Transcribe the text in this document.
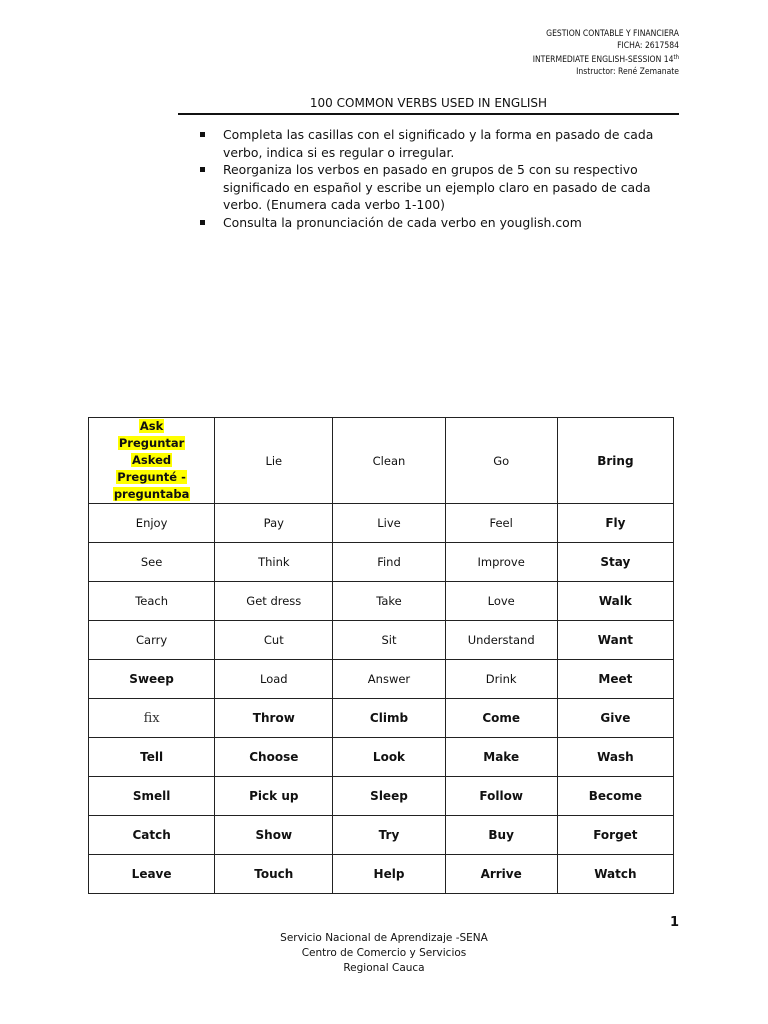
GESTION CONTABLE Y FINANCIERA
FICHA: 2617584
INTERMEDIATE ENGLISH-SESSION 14th
Instructor: René Zemanate
100 COMMON VERBS USED IN ENGLISH
Completa las casillas con el significado y la forma en pasado de cada verbo, indica si es regular o irregular.
Reorganiza los verbos en pasado en grupos de 5 con su respectivo significado en español y escribe un ejemplo claro en pasado de cada verbo. (Enumera cada verbo 1-100)
Consulta la pronunciación de cada verbo en youglish.com
Ask
Preguntar
Asked
Pregunté -
preguntaba	Lie	Clean	Go	Bring
Enjoy	Pay	Live	Feel	Fly
See	Think	Find	Improve	Stay
Teach	Get dress	Take	Love	Walk
Carry	Cut	Sit	Understand	Want
Sweep	Load	Answer	Drink	Meet
fix	Throw	Climb	Come	Give
Tell	Choose	Look	Make	Wash
Smell	Pick up	Sleep	Follow	Become
Catch	Show	Try	Buy	Forget
Leave	Touch	Help	Arrive	Watch
1
Servicio Nacional de Aprendizaje -SENA
Centro de Comercio y Servicios
Regional Cauca
